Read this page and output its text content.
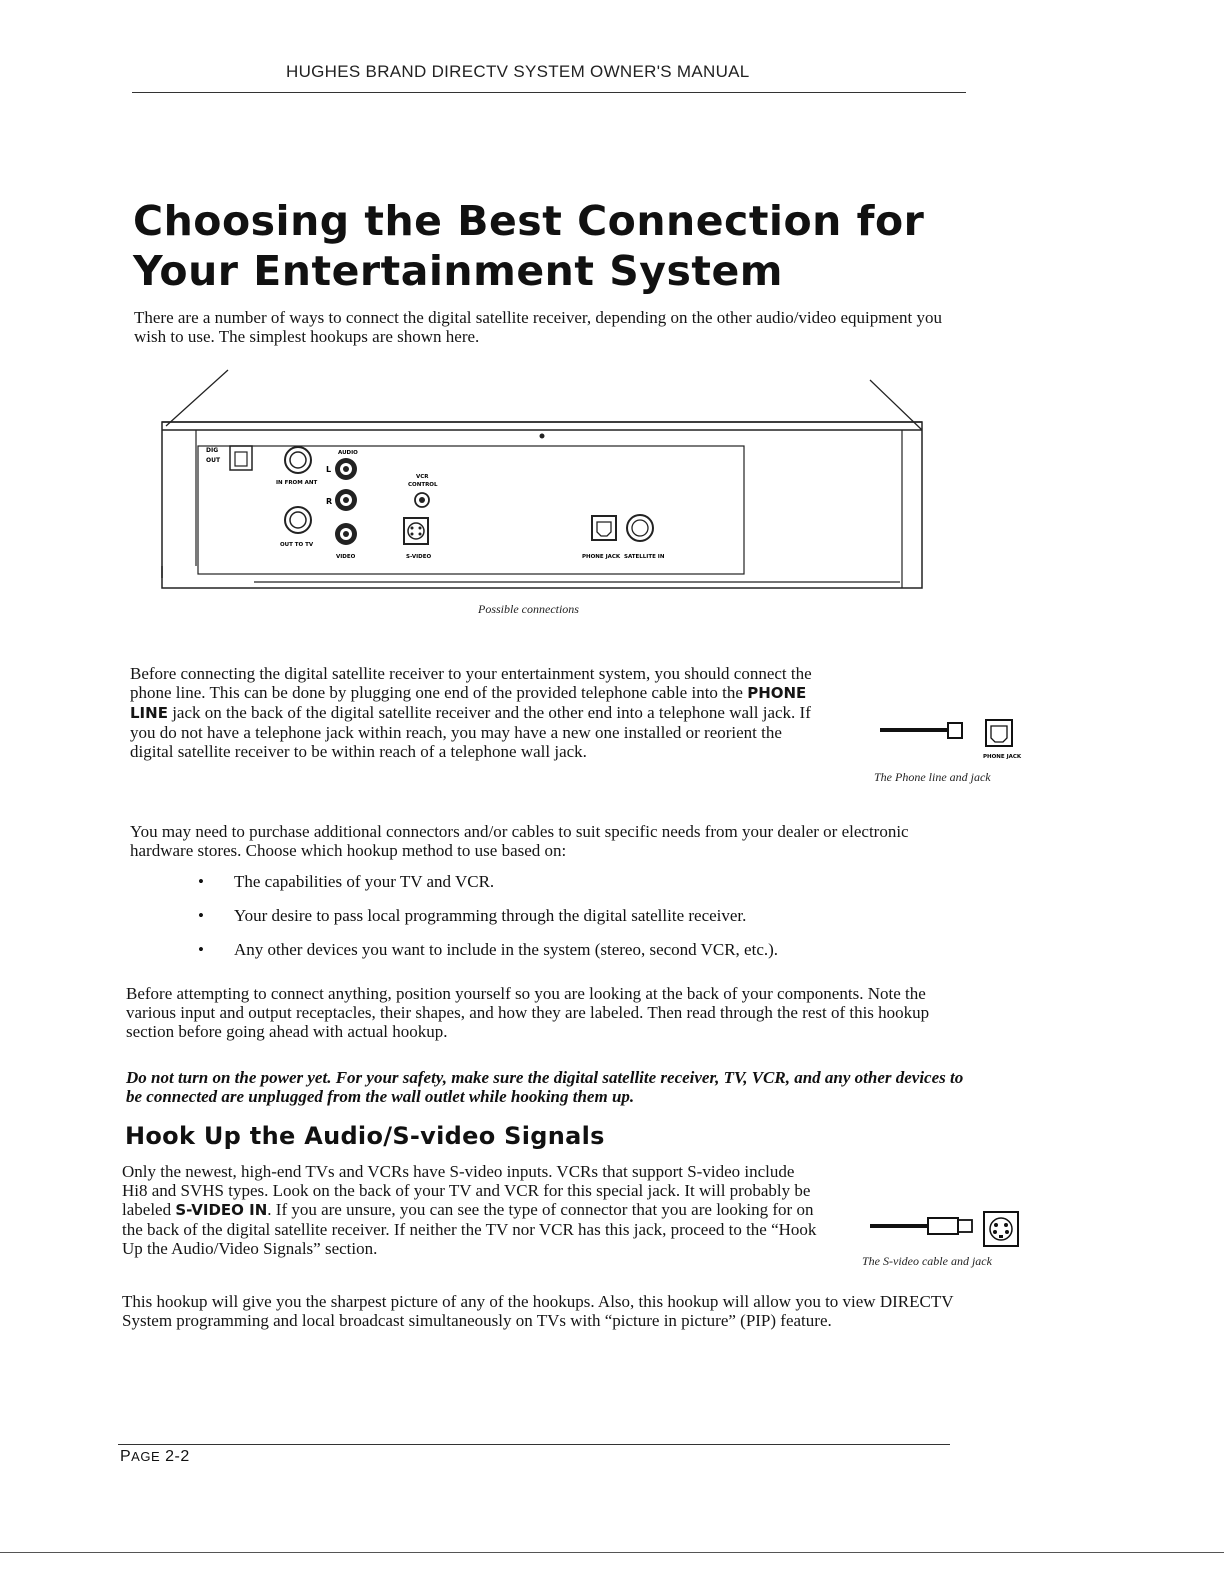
HUGHES BRAND DIRECTV SYSTEM OWNER'S MANUAL
Choosing the Best Connection for
Your Entertainment System
There are a number of ways to connect the digital satellite receiver, depending on the other audio/video equipment you wish to use. The simplest hookups are shown here.
DIG
OUT
IN FROM ANT
OUT TO TV
AUDIO
L
R
VIDEO
VCR
CONTROL
S-VIDEO	PHONE JACK SATELLITE IN
Possible connections
Before connecting the digital satellite receiver to your entertainment system, you should connect the phone line. This can be done by plugging one end of the provided telephone cable into the PHONE LINE jack on the back of the digital satellite receiver and the other end into a telephone wall jack. If you do not have a telephone jack within reach, you may have a new one installed or reorient the digital satellite receiver to be within reach of a telephone wall jack.	PHONE JACK
The Phone line and jack
You may need to purchase additional connectors and/or cables to suit specific needs from your dealer or electronic hardware stores. Choose which hookup method to use based on:
• The capabilities of your TV and VCR.
• Your desire to pass local programming through the digital satellite receiver.
• Any other devices you want to include in the system (stereo, second VCR, etc.).
Before attempting to connect anything, position yourself so you are looking at the back of your components. Note the various input and output receptacles, their shapes, and how they are labeled. Then read through the rest of this hookup section before going ahead with actual hookup.
Do not turn on the power yet. For your safety, make sure the digital satellite receiver, TV, VCR, and any other devices to be connected are unplugged from the wall outlet while hooking them up.
Hook Up the Audio/S-video Signals
Only the newest, high-end TVs and VCRs have S-video inputs. VCRs that support S-video include Hi8 and SVHS types. Look on the back of your TV and VCR for this special jack. It will probably be labeled S-VIDEO IN. If you are unsure, you can see the type of connector that you are looking for on the back of the digital satellite receiver. If neither the TV nor VCR has this jack, proceed to the “Hook Up the Audio/Video Signals” section.
The S-video cable and jack
This hookup will give you the sharpest picture of any of the hookups. Also, this hookup will allow you to view DIRECTV System programming and local broadcast simultaneously on TVs with “picture in picture” (PIP) feature.
PAGE 2-2
